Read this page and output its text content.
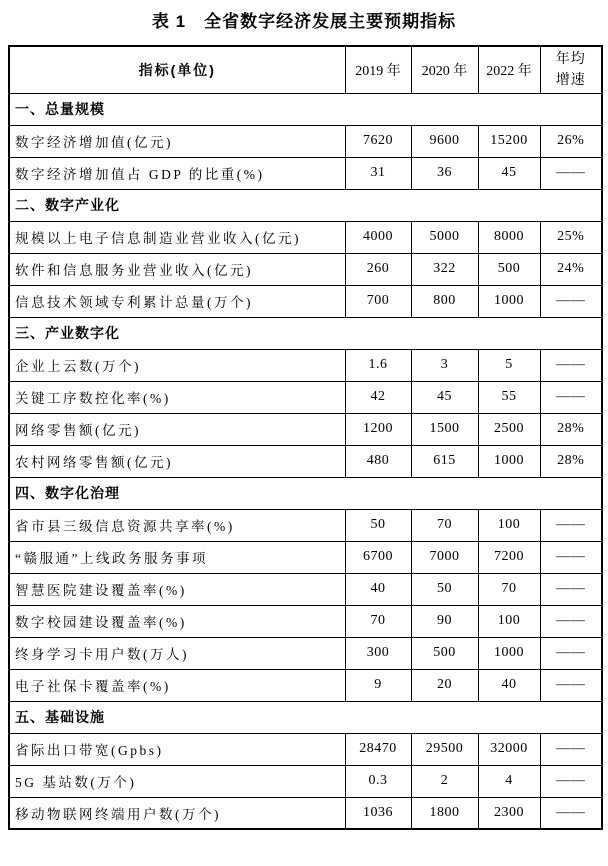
表 1　全省数字经济发展主要预期指标
指标(单位)	2019 年	2020 年	2022 年	年均增速
一、总量规模				
数字经济增加值(亿元)	7620	9600	15200	26%
数字经济增加值占 GDP 的比重(%)	31	36	45	——
二、数字产业化				
规模以上电子信息制造业营业收入(亿元)	4000	5000	8000	25%
软件和信息服务业营业收入(亿元)	260	322	500	24%
信息技术领域专利累计总量(万个)	700	800	1000	——
三、产业数字化				
企业上云数(万个)	1.6	3	5	——
关键工序数控化率(%)	42	45	55	——
网络零售额(亿元)	1200	1500	2500	28%
农村网络零售额(亿元)	480	615	1000	28%
四、数字化治理				
省市县三级信息资源共享率(%)	50	70	100	——
“赣服通”上线政务服务事项	6700	7000	7200	——
智慧医院建设覆盖率(%)	40	50	70	——
数字校园建设覆盖率(%)	70	90	100	——
终身学习卡用户数(万人)	300	500	1000	——
电子社保卡覆盖率(%)	9	20	40	——
五、基础设施				
省际出口带宽(Gpbs)	28470	29500	32000	——
5G 基站数(万个)	0.3	2	4	——
移动物联网终端用户数(万个)	1036	1800	2300	——
